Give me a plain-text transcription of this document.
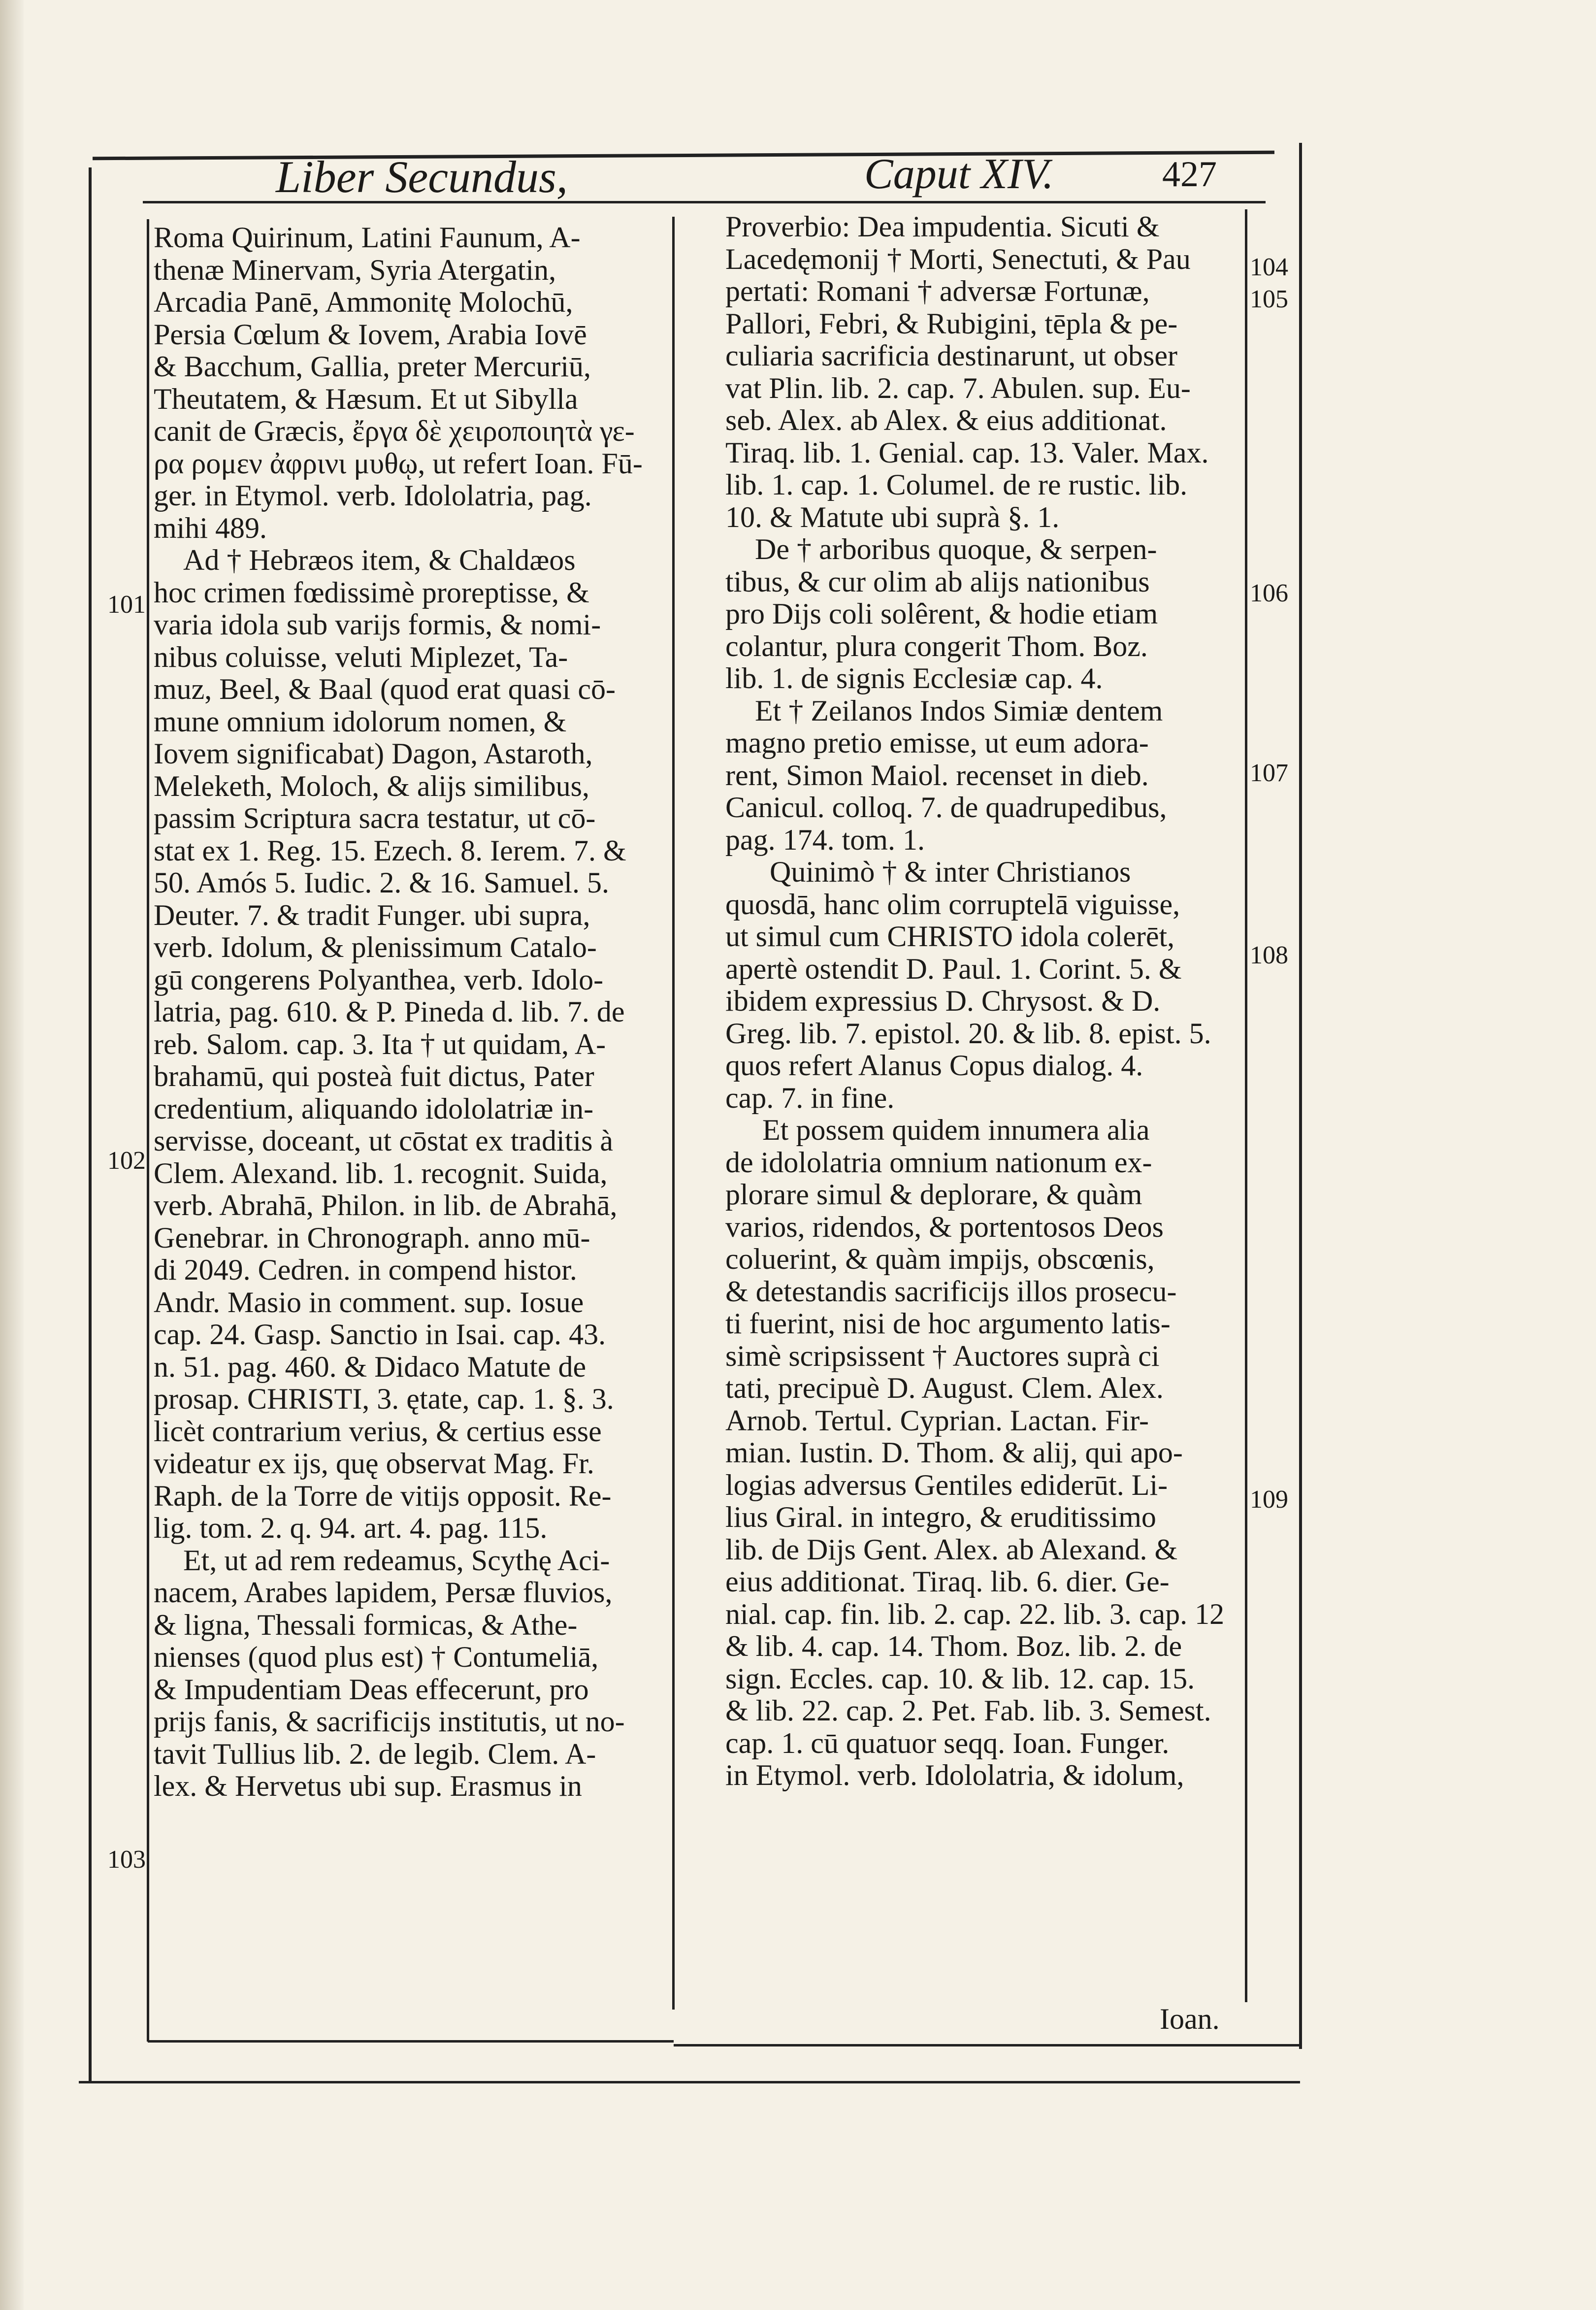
Liber Secundus,	Caput XIV.	427
Roma Quirinum, Latini Faunum, A-
thenæ Minervam, Syria Atergatin,
Arcadia Panē, Ammonitę Molochū,
Persia Cœlum & Iovem, Arabia Iovē
& Bacchum, Gallia, preter Mercuriū,
Theutatem, & Hæsum. Et ut Sibylla
canit de Græcis, ἔργα δὲ χειροποιητὰ γε-
ρα ρομεν ἀφρινι μυθῳ, ut refert Ioan. Fū-
ger. in Etymol. verb. Idololatria, pag.
mihi 489.
Ad † Hebræos item, & Chaldæos
hoc crimen fœdissimè proreptisse, &
varia idola sub varijs formis, & nomi-
nibus coluisse, veluti Miplezet, Ta-
muz, Beel, & Baal (quod erat quasi cō-
mune omnium idolorum nomen, &
Iovem significabat) Dagon, Astaroth,
Meleketh, Moloch, & alijs similibus,
passim Scriptura sacra testatur, ut cō-
stat ex 1. Reg. 15. Ezech. 8. Ierem. 7. &
50. Amós 5. Iudic. 2. & 16. Samuel. 5.
Deuter. 7. & tradit Funger. ubi supra,
verb. Idolum, & plenissimum Catalo-
gū congerens Polyanthea, verb. Idolo-
latria, pag. 610. & P. Pineda d. lib. 7. de
reb. Salom. cap. 3. Ita † ut quidam, A-
brahamū, qui posteà fuit dictus, Pater
credentium, aliquando idololatriæ in-
servisse, doceant, ut cōstat ex traditis à
Clem. Alexand. lib. 1. recognit. Suida,
verb. Abrahā, Philon. in lib. de Abrahā,
Genebrar. in Chronograph. anno mū-
di 2049. Cedren. in compend histor.
Andr. Masio in comment. sup. Iosue
cap. 24. Gasp. Sanctio in Isai. cap. 43.
n. 51. pag. 460. & Didaco Matute de
prosap. CHRISTI, 3. ętate, cap. 1. §. 3.
licèt contrarium verius, & certius esse
videatur ex ijs, quę observat Mag. Fr.
Raph. de la Torre de vitijs opposit. Re-
lig. tom. 2. q. 94. art. 4. pag. 115.
Et, ut ad rem redeamus, Scythę Aci-
nacem, Arabes lapidem, Persæ fluvios,
& ligna, Thessali formicas, & Athe-
nienses (quod plus est) † Contumeliā,
& Impudentiam Deas effecerunt, pro
prijs fanis, & sacrificijs institutis, ut no-
tavit Tullius lib. 2. de legib. Clem. A-
lex. & Hervetus ubi sup. Erasmus in
Proverbio: Dea impudentia. Sicuti &
Lacedęmonij † Morti, Senectuti, & Pau
pertati: Romani † adversæ Fortunæ,
Pallori, Febri, & Rubigini, tēpla & pe-
culiaria sacrificia destinarunt, ut obser
vat Plin. lib. 2. cap. 7. Abulen. sup. Eu-
seb. Alex. ab Alex. & eius additionat.
Tiraq. lib. 1. Genial. cap. 13. Valer. Max.
lib. 1. cap. 1. Columel. de re rustic. lib.
10. & Matute ubi suprà §. 1.
De † arboribus quoque, & serpen-
tibus, & cur olim ab alijs nationibus
pro Dijs coli solêrent, & hodie etiam
colantur, plura congerit Thom. Boz.
lib. 1. de signis Ecclesiæ cap. 4.
Et † Zeilanos Indos Simiæ dentem
magno pretio emisse, ut eum adora-
rent, Simon Maiol. recenset in dieb.
Canicul. colloq. 7. de quadrupedibus,
pag. 174. tom. 1.
Quinimò † & inter Christianos
quosdā, hanc olim corruptelā viguisse,
ut simul cum CHRISTO idola colerēt,
apertè ostendit D. Paul. 1. Corint. 5. &
ibidem expressius D. Chrysost. & D.
Greg. lib. 7. epistol. 20. & lib. 8. epist. 5.
quos refert Alanus Copus dialog. 4.
cap. 7. in fine.
Et possem quidem innumera alia
de idololatria omnium nationum ex-
plorare simul & deplorare, & quàm
varios, ridendos, & portentosos Deos
coluerint, & quàm impijs, obscœnis,
& detestandis sacrificijs illos prosecu-
ti fuerint, nisi de hoc argumento latis-
simè scripsissent † Auctores suprà ci
tati, precipuè D. August. Clem. Alex.
Arnob. Tertul. Cyprian. Lactan. Fir-
mian. Iustin. D. Thom. & alij, qui apo-
logias adversus Gentiles ediderūt. Li-
lius Giral. in integro, & eruditissimo
lib. de Dijs Gent. Alex. ab Alexand. &
eius additionat. Tiraq. lib. 6. dier. Ge-
nial. cap. fin. lib. 2. cap. 22. lib. 3. cap. 12
& lib. 4. cap. 14. Thom. Boz. lib. 2. de
sign. Eccles. cap. 10. & lib. 12. cap. 15.
& lib. 22. cap. 2. Pet. Fab. lib. 3. Semest.
cap. 1. cū quatuor seqq. Ioan. Funger.
in Etymol. verb. Idololatria, & idolum,
101
102
103
104
105
106
107
108
109
Ioan.
